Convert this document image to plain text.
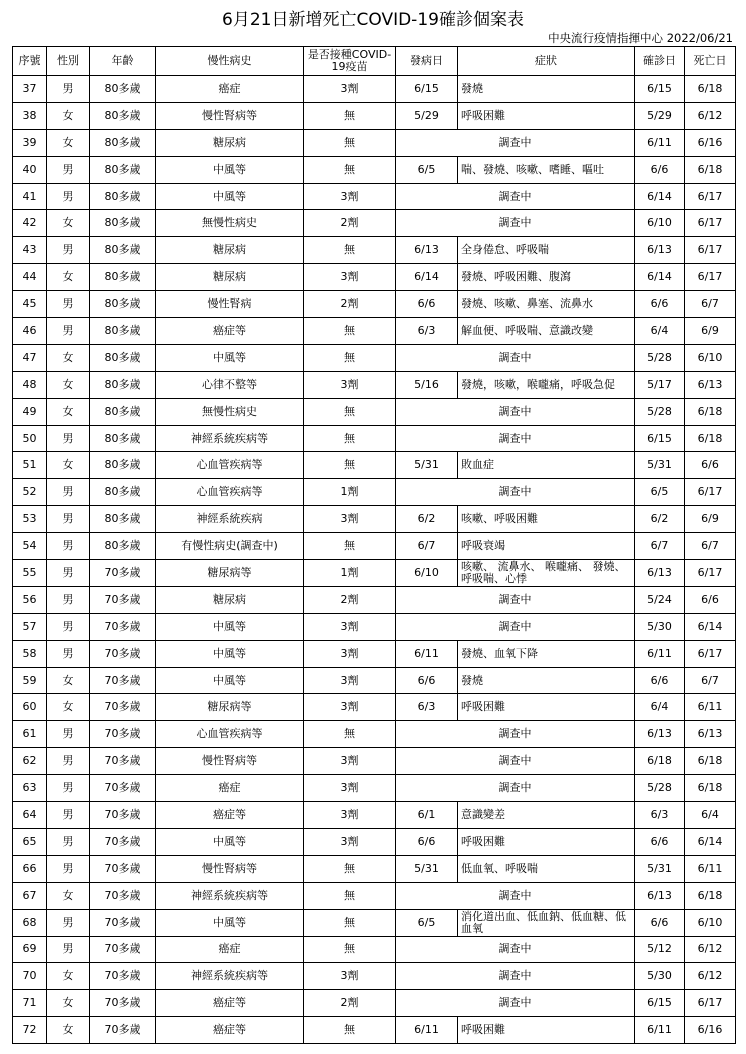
6月21日新增死亡COVID-19確診個案表
中央流行疫情指揮中心 2022/06/21
序號	性別	年齡	慢性病史	是否接種COVID-19疫苗	發病日	症狀	確診日	死亡日
37	男	80多歲	癌症	3劑	6/15	發燒	6/15	6/18
38	女	80多歲	慢性腎病等	無	5/29	呼吸困難	5/29	6/12
39	女	80多歲	糖尿病	無	調查中		6/11	6/16
40	男	80多歲	中風等	無	6/5	喘、發燒、咳嗽、嗜睡、嘔吐	6/6	6/18
41	男	80多歲	中風等	3劑	調查中		6/14	6/17
42	女	80多歲	無慢性病史	2劑	調查中		6/10	6/17
43	男	80多歲	糖尿病	無	6/13	全身倦怠、呼吸喘	6/13	6/17
44	女	80多歲	糖尿病	3劑	6/14	發燒、呼吸困難、腹瀉	6/14	6/17
45	男	80多歲	慢性腎病	2劑	6/6	發燒、咳嗽、鼻塞、流鼻水	6/6	6/7
46	男	80多歲	癌症等	無	6/3	解血便、呼吸喘、意識改變	6/4	6/9
47	女	80多歲	中風等	無	調查中		5/28	6/10
48	女	80多歲	心律不整等	3劑	5/16	發燒，咳嗽，喉嚨痛，呼吸急促	5/17	6/13
49	女	80多歲	無慢性病史	無	調查中		5/28	6/18
50	男	80多歲	神經系統疾病等	無	調查中		6/15	6/18
51	女	80多歲	心血管疾病等	無	5/31	敗血症	5/31	6/6
52	男	80多歲	心血管疾病等	1劑	調查中		6/5	6/17
53	男	80多歲	神經系統疾病	3劑	6/2	咳嗽、呼吸困難	6/2	6/9
54	男	80多歲	有慢性病史(調查中)	無	6/7	呼吸衰竭	6/7	6/7
55	男	70多歲	糖尿病等	1劑	6/10	咳嗽、 流鼻水、 喉嚨痛、 發燒、 呼吸喘、心悸	6/13	6/17
56	男	70多歲	糖尿病	2劑	調查中		5/24	6/6
57	男	70多歲	中風等	3劑	調查中		5/30	6/14
58	男	70多歲	中風等	3劑	6/11	發燒、血氧下降	6/11	6/17
59	女	70多歲	中風等	3劑	6/6	發燒	6/6	6/7
60	女	70多歲	糖尿病等	3劑	6/3	呼吸困難	6/4	6/11
61	男	70多歲	心血管疾病等	無	調查中		6/13	6/13
62	男	70多歲	慢性腎病等	3劑	調查中		6/18	6/18
63	男	70多歲	癌症	3劑	調查中		5/28	6/18
64	男	70多歲	癌症等	3劑	6/1	意識變差	6/3	6/4
65	男	70多歲	中風等	3劑	6/6	呼吸困難	6/6	6/14
66	男	70多歲	慢性腎病等	無	5/31	低血氧、呼吸喘	5/31	6/11
67	女	70多歲	神經系統疾病等	無	調查中		6/13	6/18
68	男	70多歲	中風等	無	6/5	消化道出血、低血鈉、低血糖、低血氧	6/6	6/10
69	男	70多歲	癌症	無	調查中		5/12	6/12
70	女	70多歲	神經系統疾病等	3劑	調查中		5/30	6/12
71	女	70多歲	癌症等	2劑	調查中		6/15	6/17
72	女	70多歲	癌症等	無	6/11	呼吸困難	6/11	6/16
